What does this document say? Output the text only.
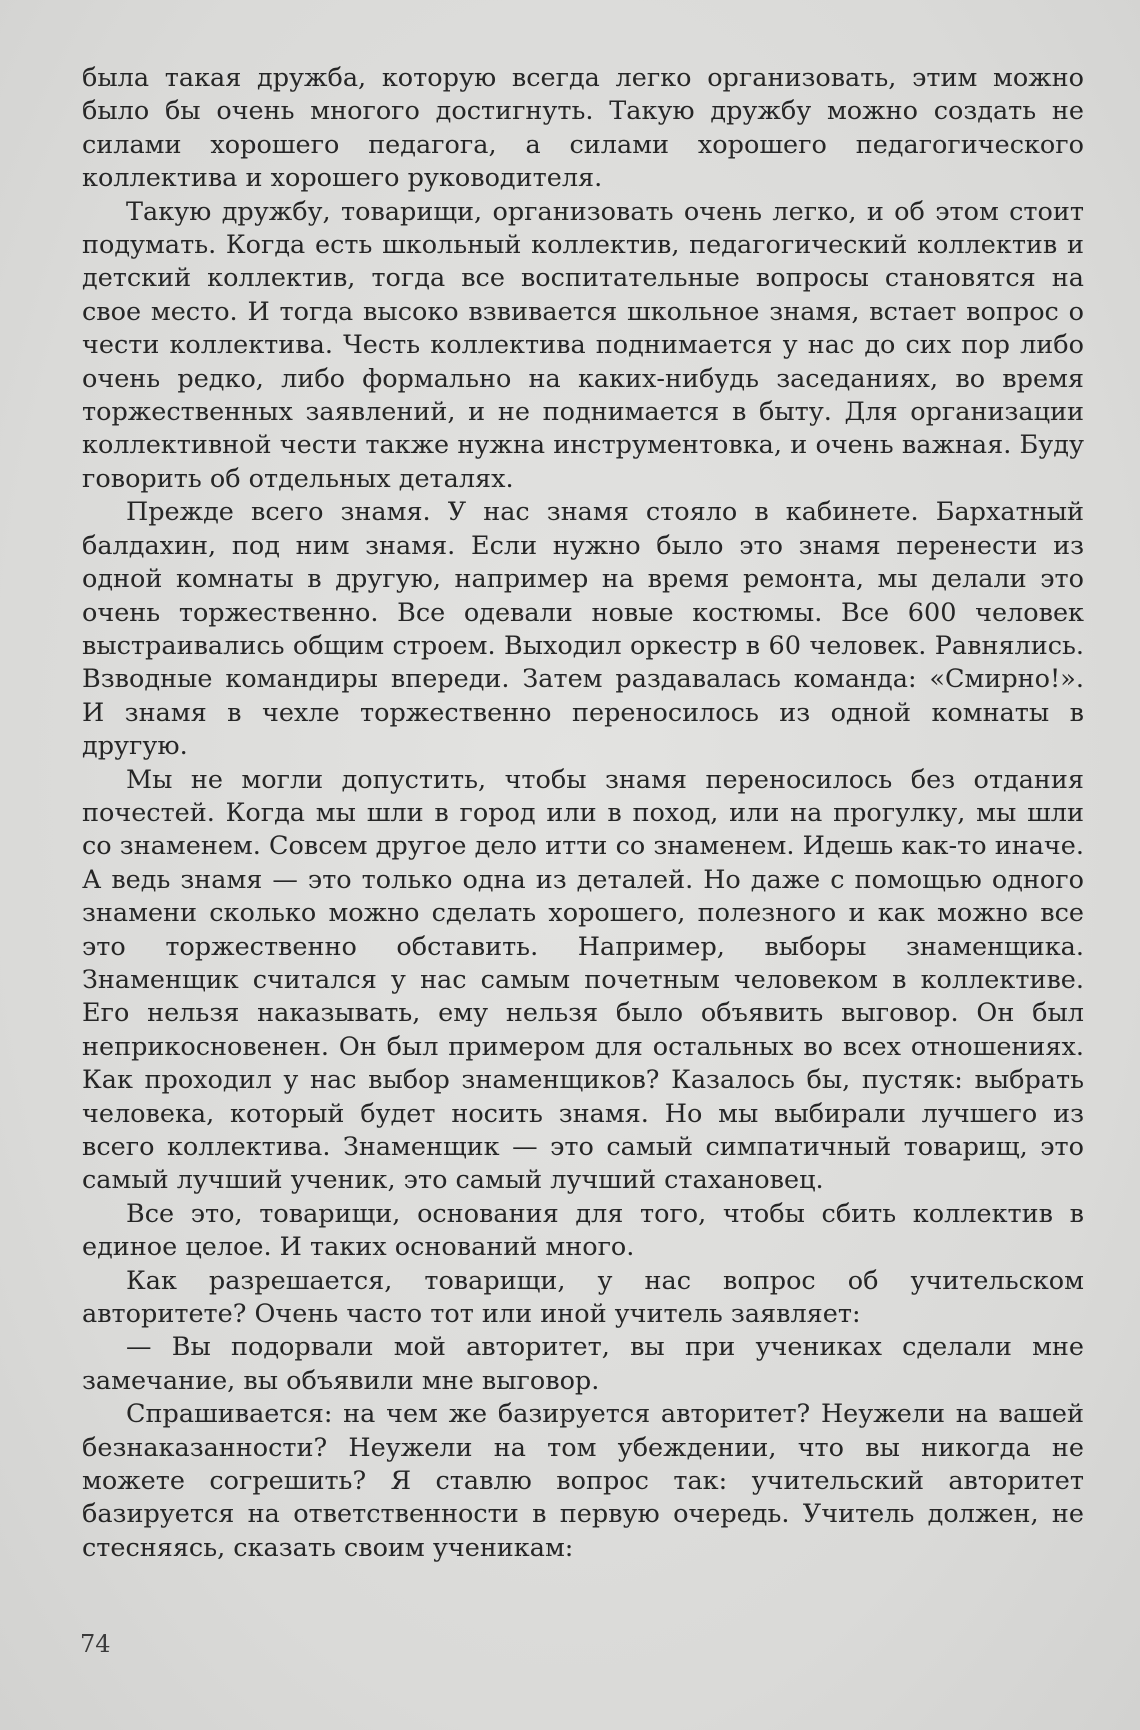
была такая дружба, которую всегда легко организовать, этим можно было бы очень многого достигнуть. Такую дружбу можно создать не силами хорошего педагога, а силами хорошего педагогического коллектива и хорошего руководителя.

Такую дружбу, товарищи, организовать очень легко, и об этом стоит подумать. Когда есть школьный коллектив, педагогический коллектив и детский коллектив, тогда все воспитательные вопросы становятся на свое место. И тогда высоко взвивается школьное знамя, встает вопрос о чести коллектива. Честь коллектива поднимается у нас до сих пор либо очень редко, либо формально на каких-нибудь заседаниях, во время торжественных заявлений, и не поднимается в быту. Для организации коллективной чести также нужна инструментовка, и очень важная. Буду говорить об отдельных деталях.

Прежде всего знамя. У нас знамя стояло в кабинете. Бархатный балдахин, под ним знамя. Если нужно было это знамя перенести из одной комнаты в другую, например на время ремонта, мы делали это очень торжественно. Все одевали новые костюмы. Все 600 человек выстраивались общим строем. Выходил оркестр в 60 человек. Равнялись. Взводные командиры впереди. Затем раздавалась команда: «Смирно!». И знамя в чехле торжественно переносилось из одной комнаты в другую.

Мы не могли допустить, чтобы знамя переносилось без отдания почестей. Когда мы шли в город или в поход, или на прогулку, мы шли со знаменем. Совсем другое дело итти со знаменем. Идешь как-то иначе. А ведь знамя — это только одна из деталей. Но даже с помощью одного знамени сколько можно сделать хорошего, полезного и как можно все это торжественно обставить. Например, выборы знаменщика. Знаменщик считался у нас самым почетным человеком в коллективе. Его нельзя наказывать, ему нельзя было объявить выговор. Он был неприкосновенен. Он был примером для остальных во всех отношениях. Как проходил у нас выбор знаменщиков? Казалось бы, пустяк: выбрать человека, который будет носить знамя. Но мы выбирали лучшего из всего коллектива. Знаменщик — это самый симпатичный товарищ, это самый лучший ученик, это самый лучший стахановец.

Все это, товарищи, основания для того, чтобы сбить коллектив в единое целое. И таких оснований много.

Как разрешается, товарищи, у нас вопрос об учительском авторитете? Очень часто тот или иной учитель заявляет:

— Вы подорвали мой авторитет, вы при учениках сделали мне замечание, вы объявили мне выговор.

Спрашивается: на чем же базируется авторитет? Неужели на вашей безнаказанности? Неужели на том убеждении, что вы никогда не можете согрешить? Я ставлю вопрос так: учительский авторитет базируется на ответственности в первую очередь. Учитель должен, не стесняясь, сказать своим ученикам:

74
